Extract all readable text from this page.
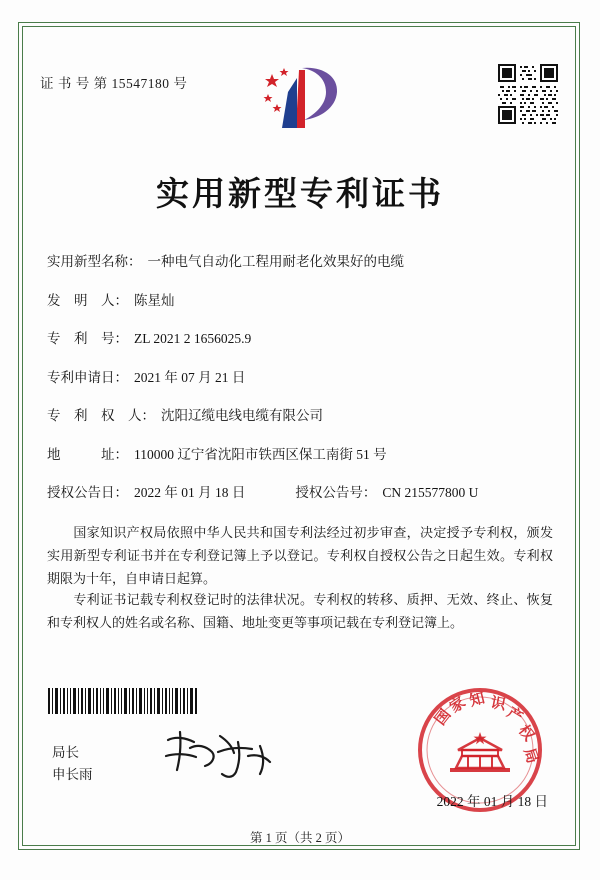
证 书 号 第 15547180 号
实用新型专利证书
实用新型名称： 一种电气自动化工程用耐老化效果好的电缆
发　明　人： 陈星灿
专　利　号： ZL 2021 2 1656025.9
专利申请日： 2021 年 07 月 21 日
专　利　权　人： 沈阳辽缆电线电缆有限公司
地　　　址： 110000 辽宁省沈阳市铁西区保工南街 51 号
授权公告日： 2022 年 01 月 18 日	授权公告号： CN 215577800 U
国家知识产权局依照中华人民共和国专利法经过初步审查，决定授予专利权，颁发实用新型专利证书并在专利登记簿上予以登记。专利权自授权公告之日起生效。专利权期限为十年，自申请日起算。
专利证书记载专利权登记时的法律状况。专利权的转移、质押、无效、终止、恢复和专利权人的姓名或名称、国籍、地址变更等事项记载在专利登记簿上。
国
家
知 识
产
权
局
2022 年 01 月 18 日
局长
申长雨
第 1 页（共 2 页）
